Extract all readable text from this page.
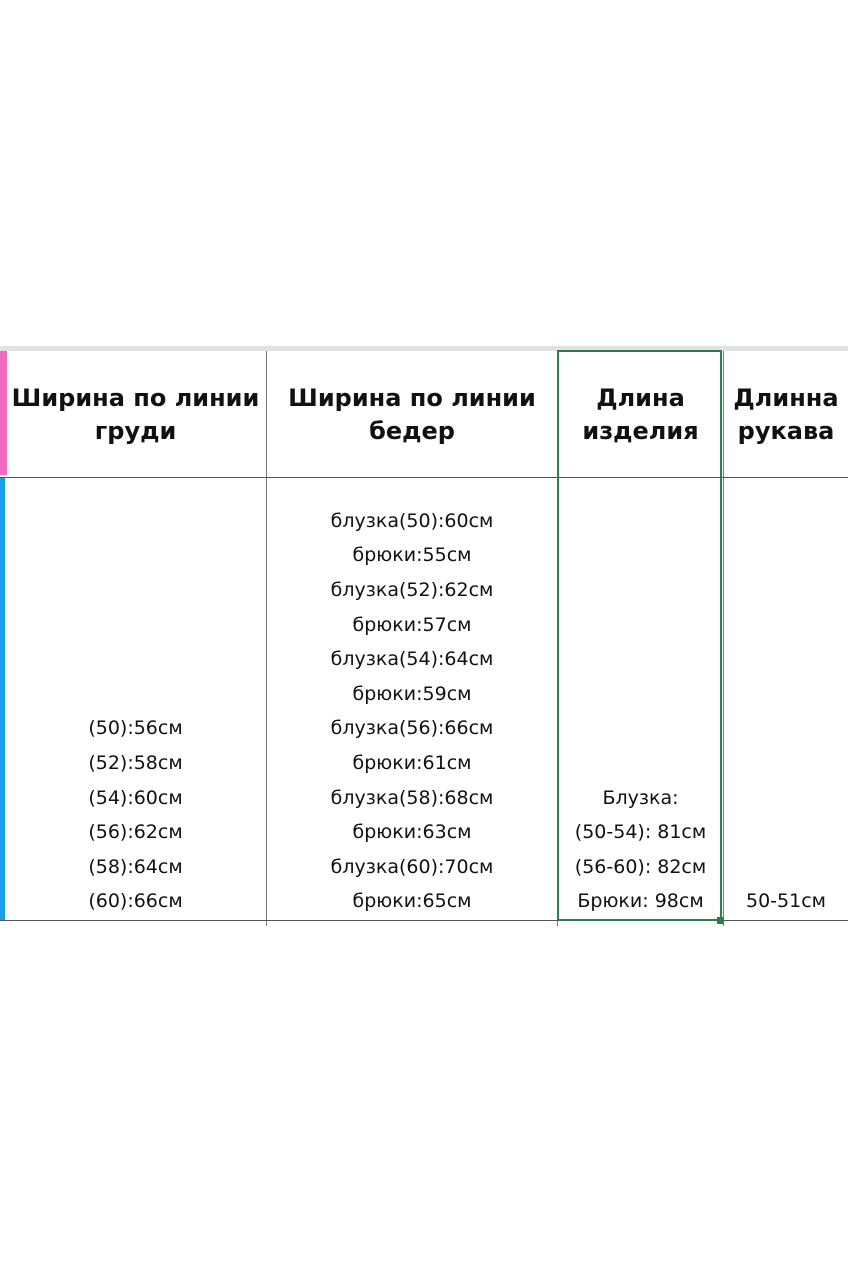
Ширина по линии
груди
Ширина по линии
бедер
Длина
изделия
Длинна
рукава
(50):56см
(52):58см
(54):60см
(56):62см
(58):64см
(60):66см
блузка(50):60см
брюки:55см
блузка(52):62см
брюки:57см
блузка(54):64см
брюки:59см
блузка(56):66см
брюки:61см
блузка(58):68см
брюки:63см
блузка(60):70см
брюки:65см
Блузка:
(50-54): 81см
(56-60): 82см
Брюки: 98см 50-51см
